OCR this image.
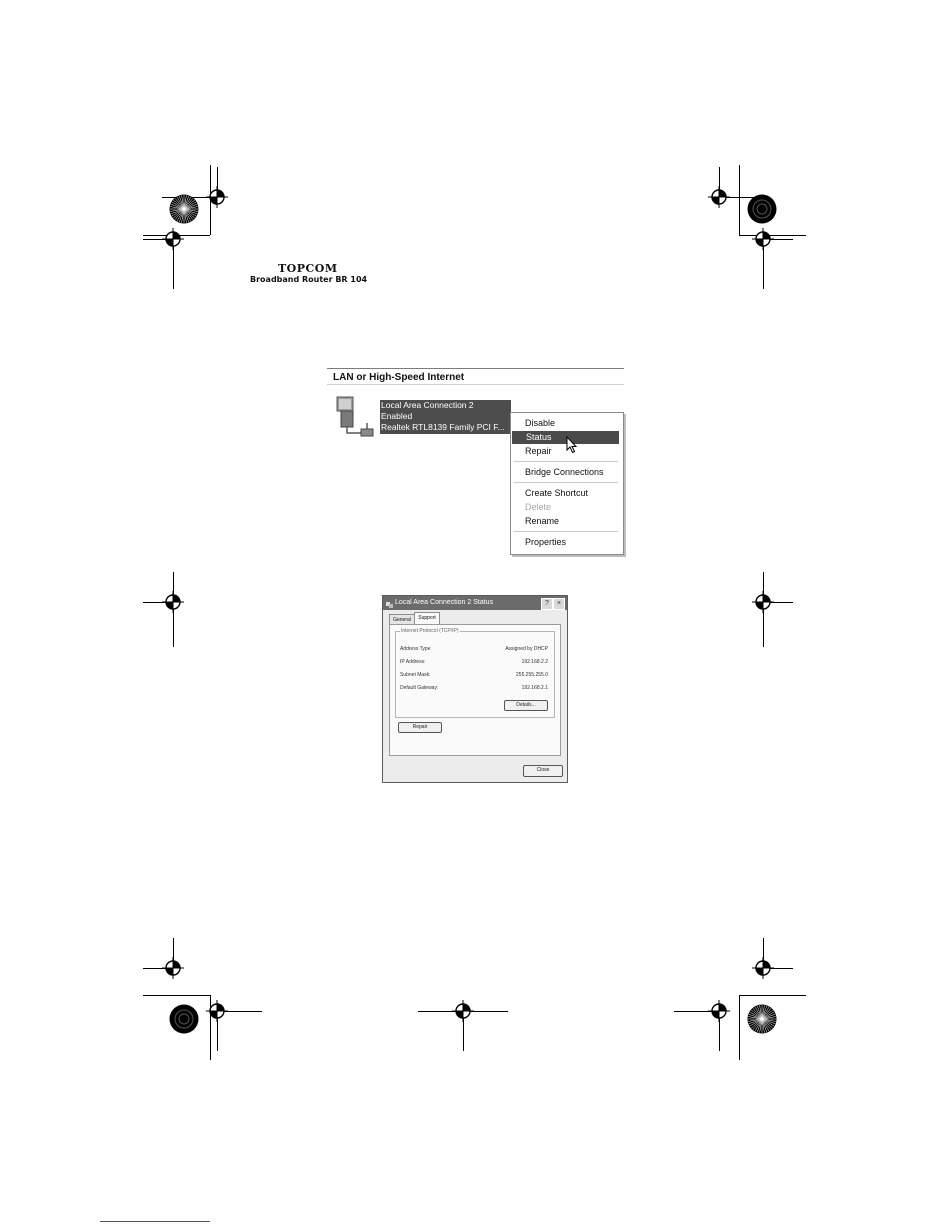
TOPCOM
Broadband Router BR 104
LAN or High-Speed Internet
Local Area Connection 2
Enabled
Realtek RTL8139 Family PCI F...	Disable
Status
Repair
Bridge Connections
Create Shortcut
Delete
Rename
Properties
Local Area Connection 2 Status	?	×
General	Support
Internet Protocol (TCP/IP)
Address Type	Assigned by DHCP
IP Address:	192.168.2.2
Subnet Mask:	255.255.255.0
Default Gateway:	192.168.2.1
Details...
Repair
Close
